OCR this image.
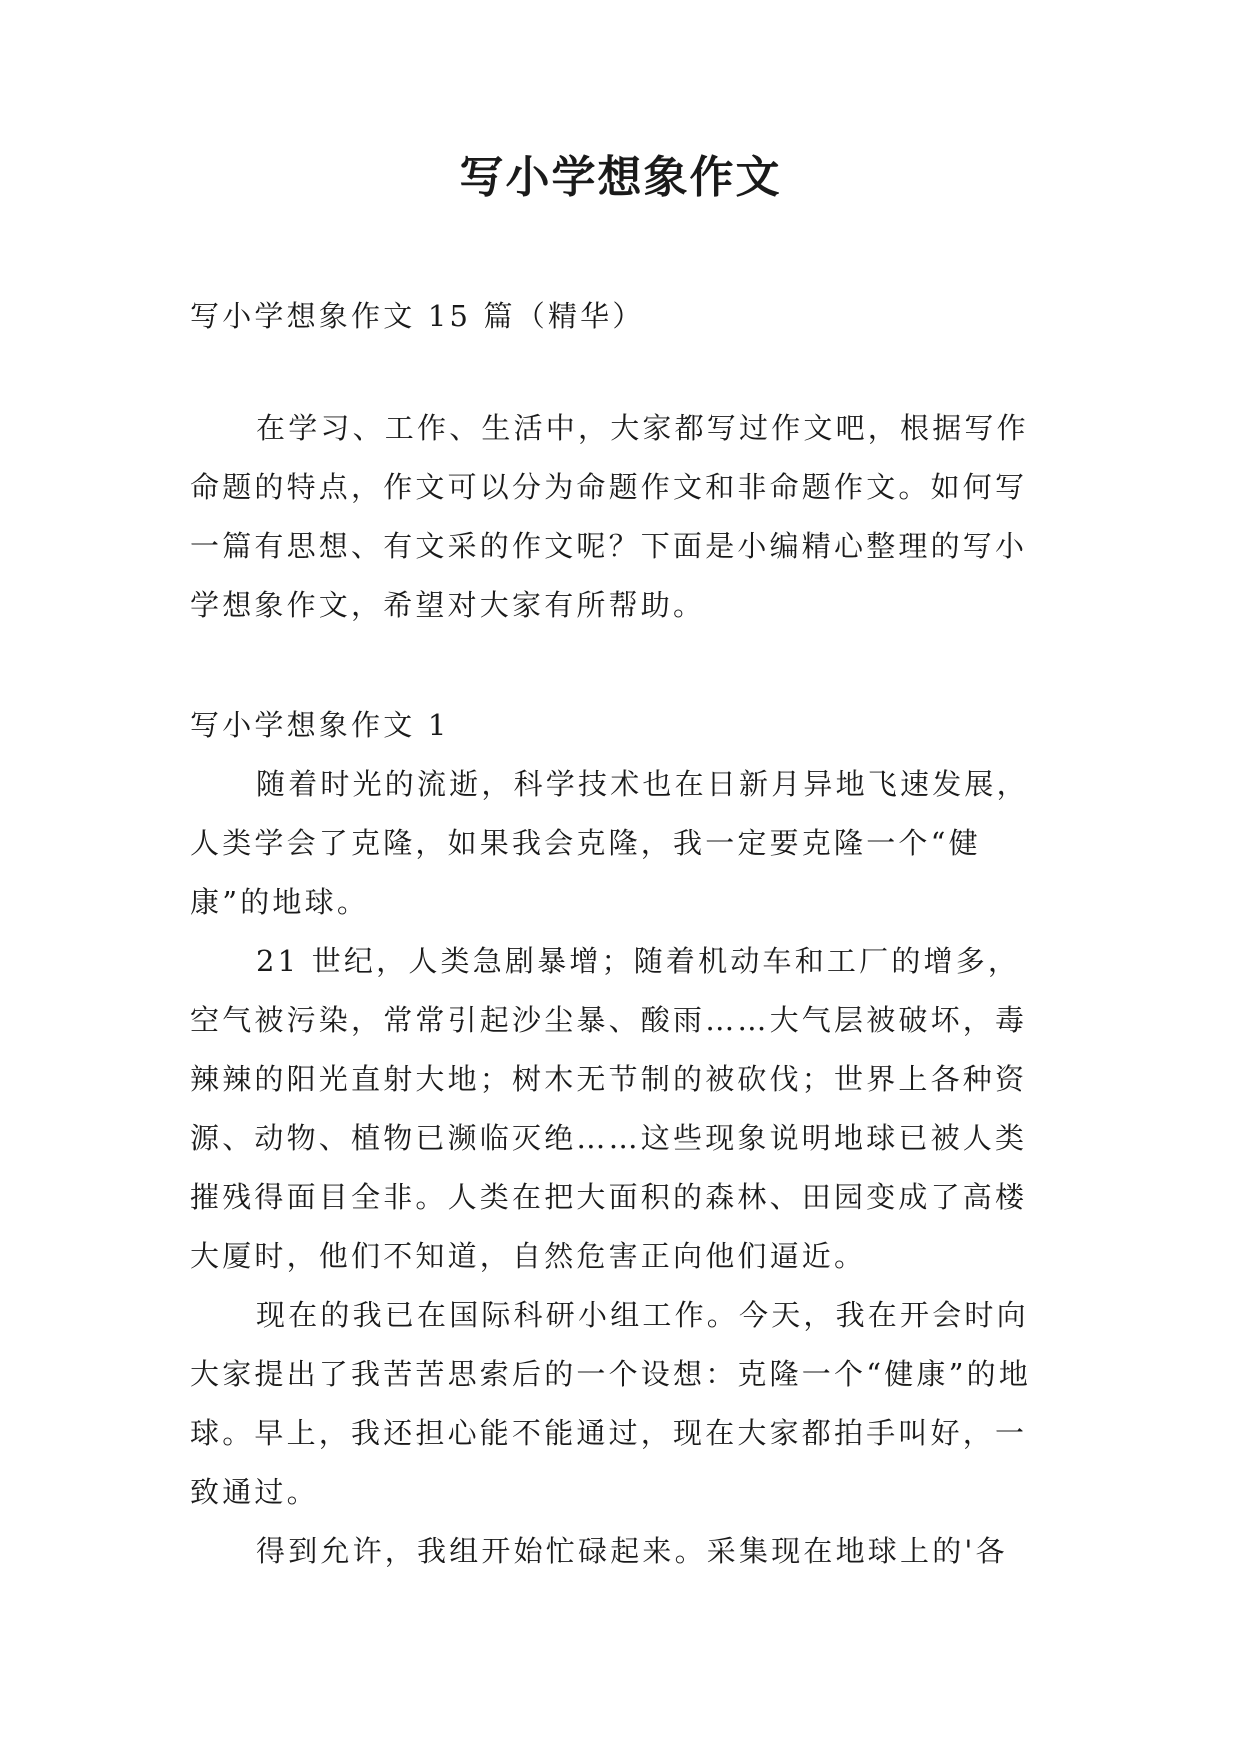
写小学想象作文

写小学想象作文 15 篇（精华）

在学习、工作、生活中，大家都写过作文吧，根据写作命题的特点，作文可以分为命题作文和非命题作文。如何写一篇有思想、有文采的作文呢？下面是小编精心整理的写小学想象作文，希望对大家有所帮助。

写小学想象作文 1

随着时光的流逝，科学技术也在日新月异地飞速发展，人类学会了克隆，如果我会克隆，我一定要克隆一个“健康”的地球。

21 世纪，人类急剧暴增；随着机动车和工厂的增多，空气被污染，常常引起沙尘暴、酸雨……大气层被破坏，毒辣辣的阳光直射大地；树木无节制的被砍伐；世界上各种资源、动物、植物已濒临灭绝……这些现象说明地球已被人类摧残得面目全非。人类在把大面积的森林、田园变成了高楼大厦时，他们不知道，自然危害正向他们逼近。

现在的我已在国际科研小组工作。今天，我在开会时向大家提出了我苦苦思索后的一个设想：克隆一个“健康”的地球。早上，我还担心能不能通过，现在大家都拍手叫好，一致通过。

得到允许，我组开始忙碌起来。采集现在地球上的'各
